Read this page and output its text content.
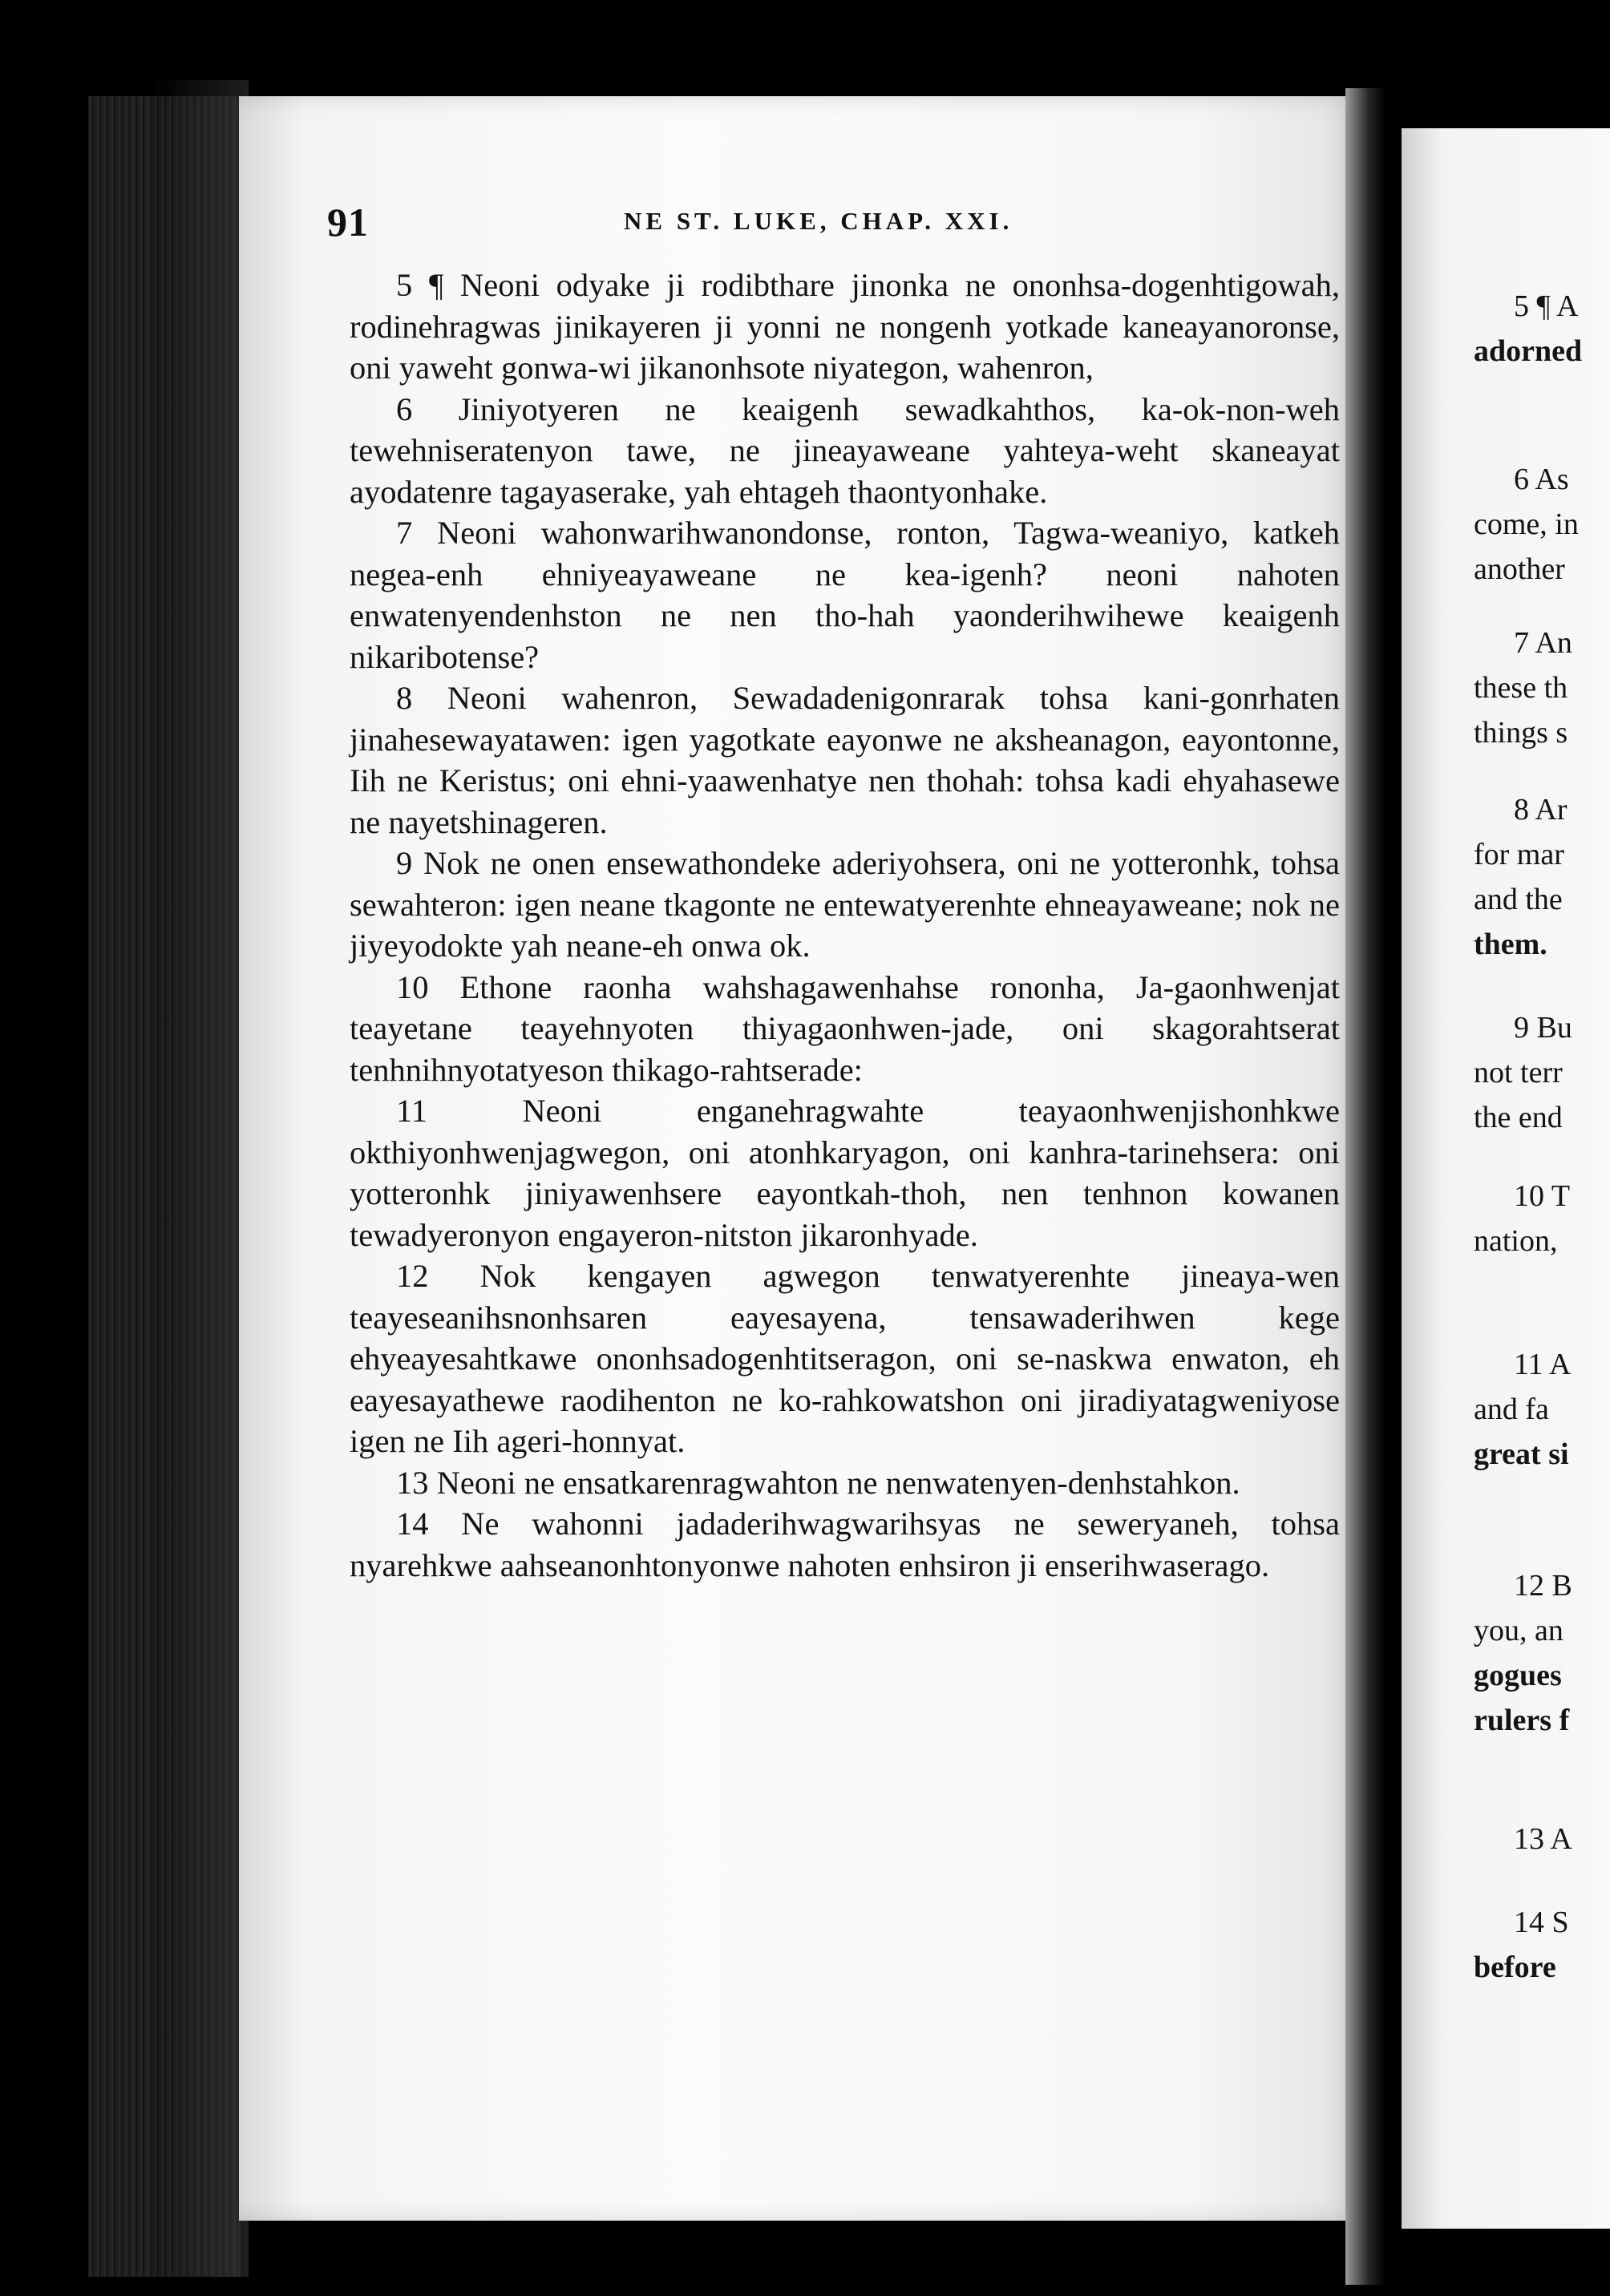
91	NE ST. LUKE, CHAP. XXI.

5 ¶ Neoni odyake ji rodibthare jinonka ne ononhsa-dogenhtigowah, rodinehragwas jinikayeren ji yonni ne nongenh yotkade kaneayanoronse, oni yaweht gonwa-wi jikanonhsote niyategon, wahenron,

6 Jiniyotyeren ne keaigenh sewadkahthos, ka-ok-non-weh tewehniseratenyon tawe, ne jineayaweane yahteya-weht skaneayat ayodatenre tagayaserake, yah ehtageh thaontyonhake.

7 Neoni wahonwarihwanondonse, ronton, Tagwa-weaniyo, katkeh negea-enh ehniyeayaweane ne kea-igenh? neoni nahoten enwatenyendenhston ne nen tho-hah yaonderihwihewe keaigenh nikaribotense?

8 Neoni wahenron, Sewadadenigonrarak tohsa kani-gonrhaten jinahesewayatawen: igen yagotkate eayonwe ne aksheanagon, eayontonne, Iih ne Keristus; oni ehni-yaawenhatye nen thohah: tohsa kadi ehyahasewe ne nayetshinageren.

9 Nok ne onen ensewathondeke aderiyohsera, oni ne yotteronhk, tohsa sewahteron: igen neane tkagonte ne entewatyerenhte ehneayaweane; nok ne jiyeyodokte yah neane-eh onwa ok.

10 Ethone raonha wahshagawenhahse rononha, Ja-gaonhwenjat teayetane teayehnyoten thiyagaonhwen-jade, oni skagorahtserat tenhnihnyotatyeson thikago-rahtserade:

11 Neoni enganehragwahte teayaonhwenjishonhkwe okthiyonhwenjagwegon, oni atonhkaryagon, oni kanhra-tarinehsera: oni yotteronhk jiniyawenhsere eayontkah-thoh, nen tenhnon kowanen tewadyeronyon engayeron-nitston jikaronhyade.

12 Nok kengayen agwegon tenwatyerenhte jineaya-wen teayeseanihsnonhsaren eayesayena, tensawaderihwen kege ehyeayesahtkawe ononhsadogenhtitseragon, oni se-naskwa enwaton, eh eayesayathewe raodihenton ne ko-rahkowatshon oni jiradiyatagweniyose igen ne Iih ageri-honnyat.

13 Neoni ne ensatkarenragwahton ne nenwatenyen-denhstahkon.

14 Ne wahonni jadaderihwagwarihsyas ne seweryaneh, tohsa nyarehkwe aahseanonhtonyonwe nahoten enhsiron ji enserihwaserago.

5 ¶ A
adorned
6 As
come, in
another
7 An
these th
things s
8 Ar
for mar
and the
them.
9 Bu
not terr
the end
10 T
nation,
11 A
and fa
great si
12 B
you, an
gogues
rulers f
13 A
14 S
before
